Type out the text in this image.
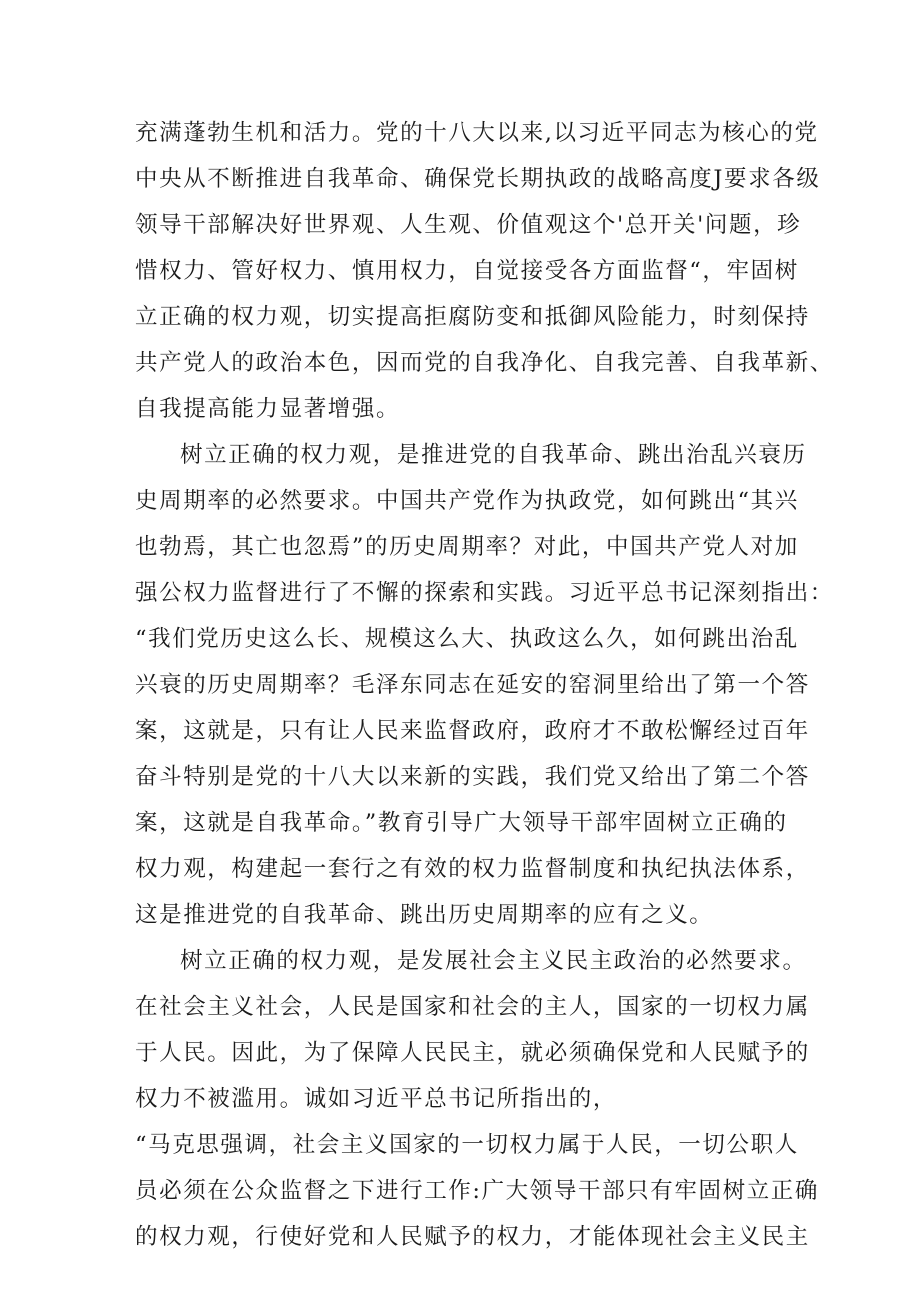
充满蓬勃生机和活力。党的十八大以来,以习近平同志为核心的党
中央从不断推进自我革命、确保党长期执政的战略高度J要求各级
领导干部解决好世界观、人生观、价值观这个'总开关'问题，珍
惜权力、管好权力、慎用权力，自觉接受各方面监督“，牢固树
立正确的权力观，切实提高拒腐防变和抵御风险能力，时刻保持
共产党人的政治本色，因而党的自我净化、自我完善、自我革新、
自我提高能力显著增强。
树立正确的权力观，是推进党的自我革命、跳出治乱兴衰历
史周期率的必然要求。中国共产党作为执政党，如何跳出“其兴
也勃焉，其亡也忽焉”的历史周期率？对此，中国共产党人对加
强公权力监督进行了不懈的探索和实践。习近平总书记深刻指出：
“我们党历史这么长、规模这么大、执政这么久，如何跳出治乱
兴衰的历史周期率？毛泽东同志在延安的窑洞里给出了第一个答
案，这就是，只有让人民来监督政府，政府才不敢松懈经过百年
奋斗特别是党的十八大以来新的实践，我们党又给出了第二个答
案，这就是自我革命。”教育引导广大领导干部牢固树立正确的
权力观，构建起一套行之有效的权力监督制度和执纪执法体系，
这是推进党的自我革命、跳出历史周期率的应有之义。
树立正确的权力观，是发展社会主义民主政治的必然要求。
在社会主义社会，人民是国家和社会的主人，国家的一切权力属
于人民。因此，为了保障人民民主，就必须确保党和人民赋予的
权力不被滥用。诚如习近平总书记所指出的，
“马克思强调，社会主义国家的一切权力属于人民，一切公职人
员必须在公众监督之下进行工作:广大领导干部只有牢固树立正确
的权力观，行使好党和人民赋予的权力，才能体现社会主义民主
